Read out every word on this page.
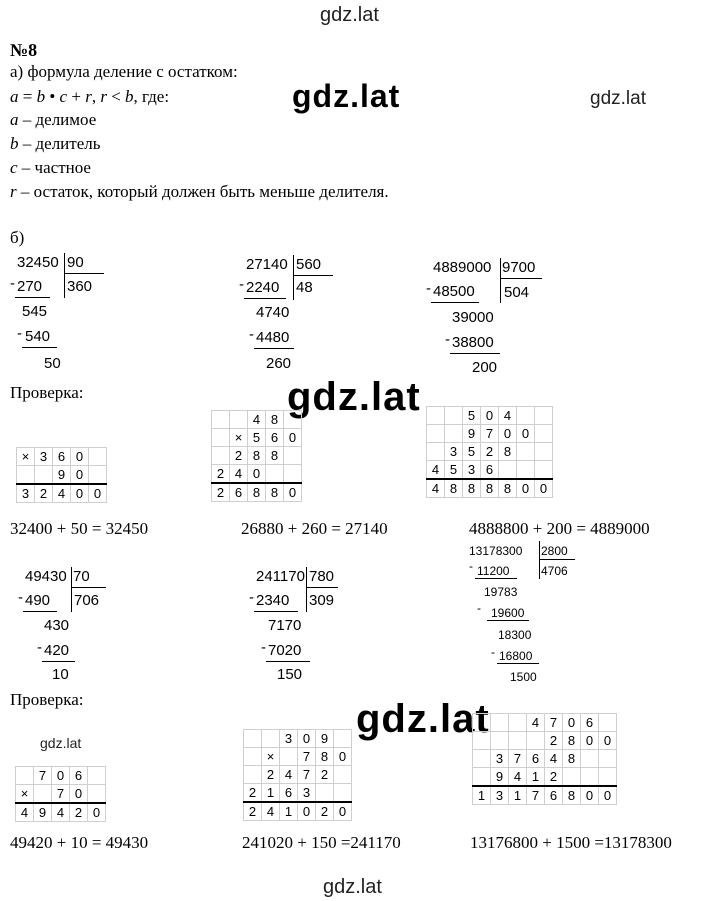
gdz.lat
gdz.lat	gdz.lat
gdz.lat
gdz.lat
gdz.lat
gdz.lat
№8
а) формула деление с остатком:
a = b • c + r, r < b, где:
a – делимое
b – делитель
c – частное
r – остаток, который должен быть меньше делителя.
б)
32450 90
360
- 270
545
- 540
50
27140 560
48
- 2240
4740
- 4480
260
4889000 9700
504
- 48500
39000
- 38800
200
Проверка:
×	3	6	0	
		9	0	
3	2	4	0	0
		4	8	
	×	5	6	0
	2	8	8	
2	4	0		
2	6	8	8	0
		5	0	4		
		9	7	0	0	
	3	5	2	8		
4	5	3	6			
4	8	8	8	8	0	0
32400 + 50 = 32450	26880 + 260 = 27140	4888800 + 200 = 4889000
49430 70
706
- 490
430
- 420
10
241170 780
309
- 2340
7170
- 7020
150
13178300 2800
4706
- 11200
19783
- 19600
18300
- 16800
1500
Проверка:
	7	0	6	
×		7	0	
4	9	4	2	0
		3	0	9	
	×		7	8	0
	2	4	7	2	
2	1	6	3		
2	4	1	0	2	0
			4	7	0	6	
				2	8	0	0
	3	7	6	4	8		
	9	4	1	2			
1	3	1	7	6	8	0	0
49420 + 10 = 49430	241020 + 150 =241170	13176800 + 1500 =13178300
